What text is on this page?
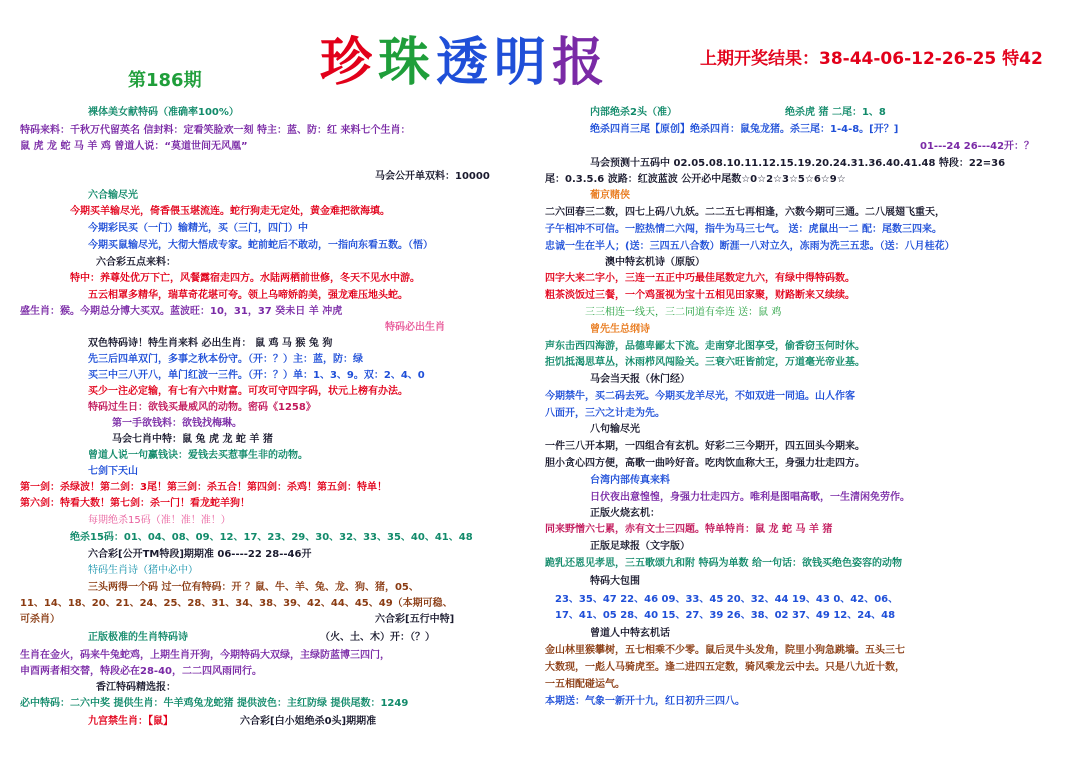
珍珠透明报	上期开奖结果：38-44-06-12-26-25 特42
第186期
裸体美女献特码（准确率100%）
特码来料：千秋万代留英名 信封料：定看笑脸欢一刻 特主：蓝、防：红 来料七个生肖：
鼠 虎 龙 蛇 马 羊 鸡 曾道人说：“莫道世间无风凰”
马会公开单双料：10000
六合输尽光
今期买羊输尽光，倚香偎玉堪流连。蛇行狗走无定处，黄金难把欲海填。
今期彩民买（一门）输精光，买（三门，四门）中
今期买鼠输尽光，大彻大悟成专家。蛇前蛇后不敢动，一指向东看五数。（悟）
六合彩五点来料：
特中：养尊处优万下亡，风餐露宿走四方。水陆两栖前世修，冬天不见水中游。
五云相罩多精华，瑞草奇花堪可夸。领上乌啼娇韵美，强龙难压地头蛇。
盛生肖：猴。今期总分博大买双。蓝波旺：10，31，37 癸未日 羊 冲虎
特码必出生肖
双色特码诗！特生肖来料 必出生肖： 鼠 鸡 马 猴 兔 狗
先三后四单双门，多事之秋本份守。（开：？）主：蓝，防：绿
买三中三八开八，单门红波一三件。（开：？）单：1、3、9。双：2、4、0
买少一注必定输，有七有六中财富。可攻可守四字码，状元上榜有办法。
特码过生日：欲钱买最威风的动物。密码《1258》
第一手欲钱料：欲钱找梅琳。
马会七肖中特：鼠 兔 虎 龙 蛇 羊 猪
曾道人说一句赢钱诀：爱钱去买惹事生非的动物。
七剑下天山
第一剑：杀绿波！第二剑：3尾！第三剑：杀五合！第四剑：杀鸡！第五剑：特单！
第六剑：特看大数！第七剑：杀一门！看龙蛇羊狗！
每期绝杀15码（准！准！准！）
绝杀15码：01、04、08、09、12、17、23、29、30、32、33、35、40、41、48
六合彩[公开TM特段]期期准 06----22 28--46开
特码生肖诗（猪中必中）
三头两得一个码 过一位有特码：开 ？鼠、牛、羊、兔、龙、狗、猪，05、
11、14、18、20、21、24、25、28、31、34、38、39、42、44、45、49（本期可稳、
可杀肖）	六合彩[五行中特]
正版极准的生肖特码诗	（火、土、木）开：（？）
生肖在金火，码来牛兔蛇鸡，上期生肖开狗，今期特码大双绿，主绿防蓝博三四门，
申酉两者相交替，特段必在28-40，二二四风雨同行。
香江特码精选报：
必中特码：二六中奖 提供生肖：牛羊鸡兔龙蛇猪 提供波色：主红防绿 提供尾数：1249
九宫禁生肖：【鼠】	六合彩[白小姐绝杀0头]期期准
内部绝杀2头（准）	绝杀虎 猪 二尾：1、8
绝杀四肖三尾【原创】绝杀四肖：鼠兔龙猪。杀三尾：1-4-8。[开？]
01---24 26---42开：？
马会预测十五码中 02.05.08.10.11.12.15.19.20.24.31.36.40.41.48 特段：22=36
尾：0.3.5.6 波路：红波蓝波 公开必中尾数☆0☆2☆3☆5☆6☆9☆
葡京赌侠
二六回春三二数，四七上码八九妖。二二五七再相逢，六数今期可三通。二八展翅飞重天，
子午相冲不可信。一腔热情二六闯，指牛为马三七气。 送：虎鼠出一二 配：尾数三四来。
忠诚一生在半人；(送：三四五八合数）断涯一八对立久，冻雨为洗三五悲。（送：八月桂花）
澳中特玄机诗（原版）
四字大来二字小，三连一五正中巧最佳尾数定九六，有绿中得特码数。
粗茶淡饭过三餐，一个鸡蛋视为宝十五相见田家聚，财路断来又续续。
三三相连一线天，三二同道有牵连 送：鼠 鸡
曾先生总纲诗
声东击西四海游，品德卑鄙太下流。走南穿北图享受，偷香窃玉何时休。
拒饥抵渴思草丛，沐雨栉风闯险关。三衰六旺皆前定，万道毫光帝业基。
马会当天报（休门经）
今期禁牛，买二码去死。今期买龙羊尽光，不如双进一同追。山人作客
八面开，三六之计走为先。
八句输尽光
一件三八开本期，一四组合有玄机。好彩二三今期开，四五回头今期来。
胆小贪心四方便，高歌一曲吟好音。吃肉饮血称大王，身强力壮走四方。
台湾内部传真来料
日伏夜出意惶惶，身强力壮走四方。唯利是图唱高歌，一生清闲免劳作。
正版火烧玄机：
同来野憎六七累，赤有文士三四题。特单特肖：鼠 龙 蛇 马 羊 猪
正版足球报（文字版）
跪乳还恩见孝思，三五歌颂九和附 特码为单数 给一句话：欲钱买绝色姿容的动物
特码大包围
23、35、47 22、46 09、33、45 20、32、44 19、43 0、42、06、
17、41、05 28、40 15、27、39 26、38、02 37、49 12、24、48
曾道人中特玄机话
金山林里猴攀树，五七相乘不少零。鼠后灵牛头发角，院里小狗急跳墙。五头三七
大数现，一彪人马骑虎至。逢二进四五定数，骑风乘龙云中去。只是八九近十数，
一五相配碰运气。
本期送：气象一新开十九，红日初升三四八。
